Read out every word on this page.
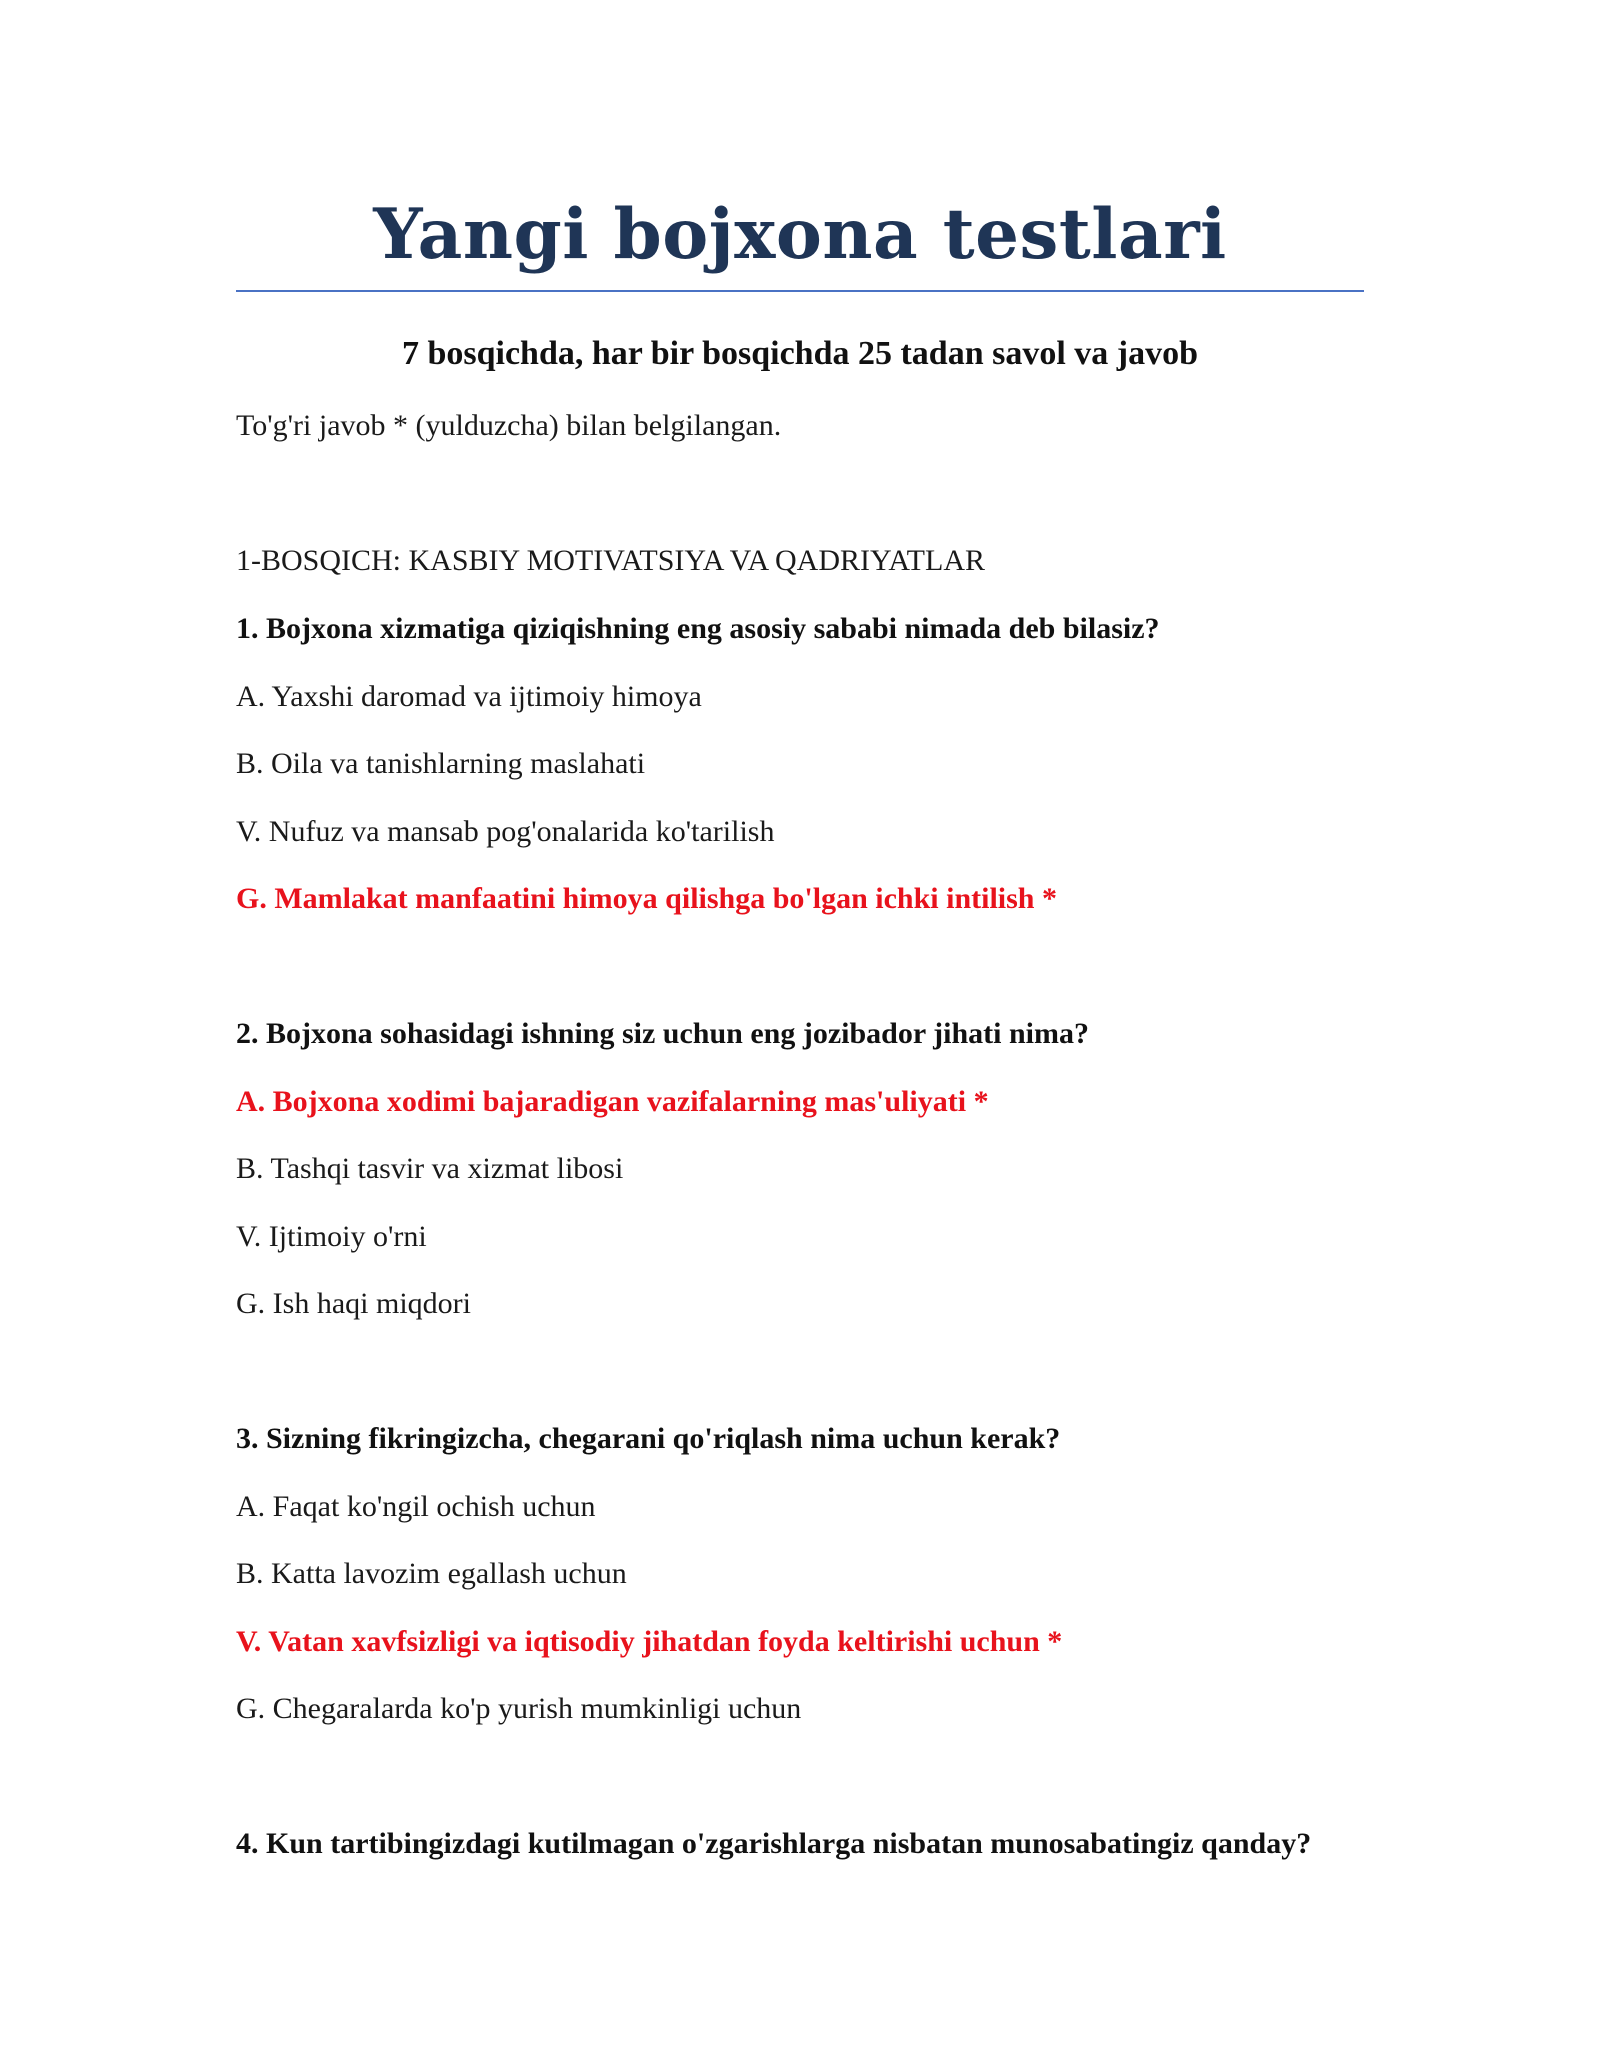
Yangi bojxona testlari
7 bosqichda, har bir bosqichda 25 tadan savol va javob
To'g'ri javob * (yulduzcha) bilan belgilangan.
1-BOSQICH: KASBIY MOTIVATSIYA VA QADRIYATLAR
1. Bojxona xizmatiga qiziqishning eng asosiy sababi nimada deb bilasiz?
A. Yaxshi daromad va ijtimoiy himoya
B. Oila va tanishlarning maslahati
V. Nufuz va mansab pog'onalarida ko'tarilish
G. Mamlakat manfaatini himoya qilishga bo'lgan ichki intilish *
2. Bojxona sohasidagi ishning siz uchun eng jozibador jihati nima?
A. Bojxona xodimi bajaradigan vazifalarning mas'uliyati *
B. Tashqi tasvir va xizmat libosi
V. Ijtimoiy o'rni
G. Ish haqi miqdori
3. Sizning fikringizcha, chegarani qo'riqlash nima uchun kerak?
A. Faqat ko'ngil ochish uchun
B. Katta lavozim egallash uchun
V. Vatan xavfsizligi va iqtisodiy jihatdan foyda keltirishi uchun *
G. Chegaralarda ko'p yurish mumkinligi uchun
4. Kun tartibingizdagi kutilmagan o'zgarishlarga nisbatan munosabatingiz qanday?
